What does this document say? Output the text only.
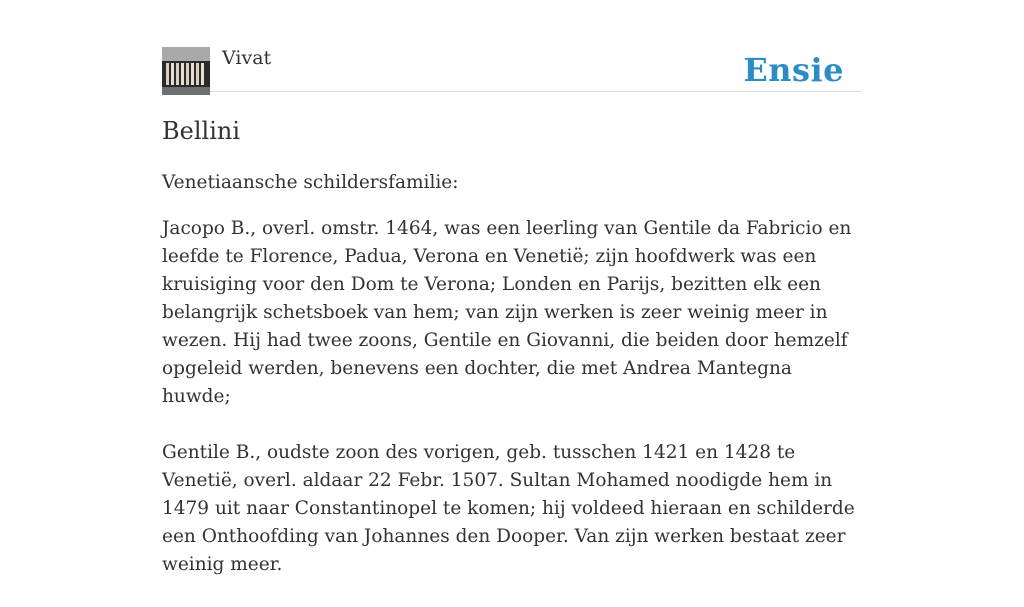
Vivat	Ensie
Bellini

Venetiaansche schildersfamilie:

Jacopo B., overl. omstr. 1464, was een leerling van Gentile da Fabricio en leefde te Florence, Padua, Verona en Venetië; zijn hoofdwerk was een kruisiging voor den Dom te Verona; Londen en Parijs, bezitten elk een belangrijk schetsboek van hem; van zijn werken is zeer weinig meer in wezen. Hij had twee zoons, Gentile en Giovanni, die beiden door hemzelf opgeleid werden, benevens een dochter, die met Andrea Mantegna huwde;

Gentile B., oudste zoon des vorigen, geb. tusschen 1421 en 1428 te Venetië, overl. aldaar 22 Febr. 1507. Sultan Mohamed noodigde hem in 1479 uit naar Constantinopel te komen; hij voldeed hieraan en schilderde een Onthoofding van Johannes den Dooper. Van zijn werken bestaat zeer weinig meer.
